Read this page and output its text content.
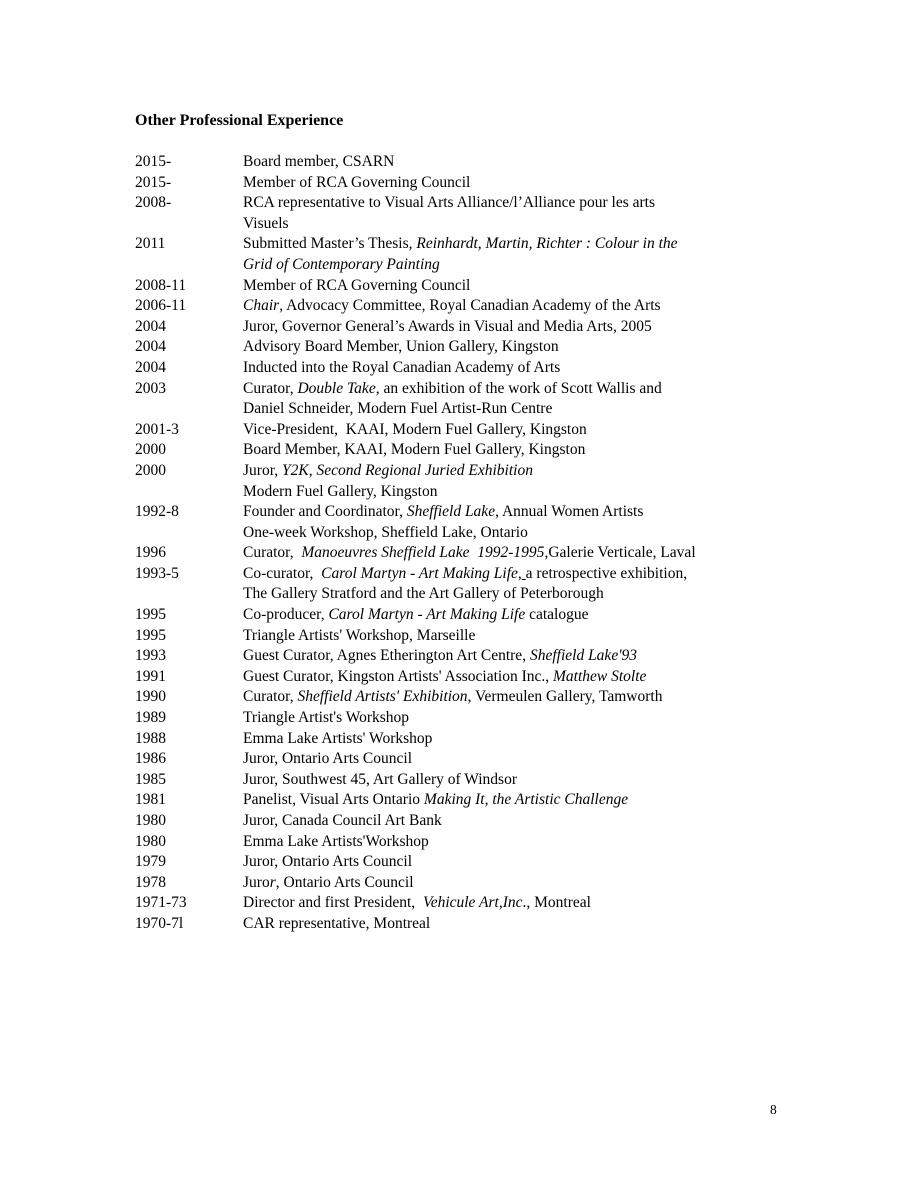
Other Professional Experience
2015-	Board member, CSARN
2015-	Member of RCA Governing Council
2008-	RCA representative to Visual Arts Alliance/l’Alliance pour les arts
Visuels
2011	Submitted Master’s Thesis, Reinhardt, Martin, Richter : Colour in the
Grid of Contemporary Painting
2008-11	Member of RCA Governing Council
2006-11	Chair, Advocacy Committee, Royal Canadian Academy of the Arts
2004	Juror, Governor General’s Awards in Visual and Media Arts, 2005
2004	Advisory Board Member, Union Gallery, Kingston
2004	Inducted into the Royal Canadian Academy of Arts
2003	Curator, Double Take, an exhibition of the work of Scott Wallis and
Daniel Schneider, Modern Fuel Artist-Run Centre
2001-3	Vice-President,  KAAI, Modern Fuel Gallery, Kingston
2000	Board Member, KAAI, Modern Fuel Gallery, Kingston
2000	Juror, Y2K, Second Regional Juried Exhibition
Modern Fuel Gallery, Kingston
1992-8	Founder and Coordinator, Sheffield Lake, Annual Women Artists
One-week Workshop, Sheffield Lake, Ontario
1996	Curator,  Manoeuvres Sheffield Lake  1992-1995,Galerie Verticale, Laval
1993-5	Co-curator,  Carol Martyn - Art Making Life, a retrospective exhibition,
The Gallery Stratford and the Art Gallery of Peterborough
1995	Co-producer, Carol Martyn - Art Making Life catalogue
1995	Triangle Artists' Workshop, Marseille
1993	Guest Curator, Agnes Etherington Art Centre, Sheffield Lake'93
1991	Guest Curator, Kingston Artists' Association Inc., Matthew Stolte
1990	Curator, Sheffield Artists' Exhibition, Vermeulen Gallery, Tamworth
1989	Triangle Artist's Workshop
1988	Emma Lake Artists' Workshop
1986	Juror, Ontario Arts Council
1985	Juror, Southwest 45, Art Gallery of Windsor
1981	Panelist, Visual Arts Ontario Making It, the Artistic Challenge
1980	Juror, Canada Council Art Bank
1980	Emma Lake Artists'Workshop
1979	Juror, Ontario Arts Council
1978	Juror, Ontario Arts Council
1971-73	Director and first President,  Vehicule Art,Inc., Montreal
1970-7l	CAR representative, Montreal
8
